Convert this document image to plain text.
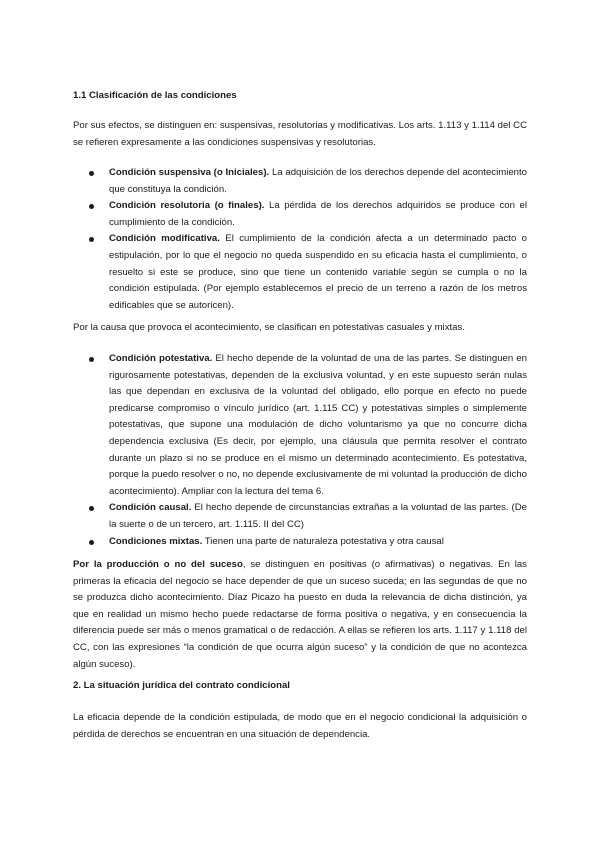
1.1 Clasificación de las condiciones

Por sus efectos, se distinguen en: suspensivas, resolutorias y modificativas. Los arts. 1.113 y 1.114 del CC se refieren expresamente a las condiciones suspensivas y resolutorias.

Condición suspensiva (o Iniciales). La adquisición de los derechos depende del acontecimiento que constituya la condición.
Condición resolutoria (o finales). La pérdida de los derechos adquiridos se produce con el cumplimiento de la condición.
Condición modificativa. El cumplimiento de la condición afecta a un determinado pacto o estipulación, por lo que el negocio no queda suspendido en su eficacia hasta el cumplimiento, o resuelto si este se produce, sino que tiene un contenido variable según se cumpla o no la condición estipulada. (Por ejemplo establecemos el precio de un terreno a razón de los metros edificables que se autoricen).

Por la causa que provoca el acontecimiento, se clasifican en potestativas casuales y mixtas.

Condición potestativa. El hecho depende de la voluntad de una de las partes. Se distinguen en rigurosamente potestativas, dependen de la exclusiva voluntad, y en este supuesto serán nulas las que dependan en exclusiva de la voluntad del obligado, ello porque en efecto no puede predicarse compromiso o vínculo jurídico (art. 1.115 CC) y potestativas simples o simplemente potestativas, que supone una modulación de dicho voluntarismo ya que no concurre dicha dependencia exclusiva (Es decir, por ejemplo, una cláusula que permita resolver el contrato durante un plazo si no se produce en el mismo un determinado acontecimiento. Es potestativa, porque la puedo resolver o no, no depende exclusivamente de mi voluntad la producción de dicho acontecimiento). Ampliar con la lectura del tema 6.
Condición causal. El hecho depende de circunstancias extrañas a la voluntad de las partes. (De la suerte o de un tercero, art. 1.115. II del CC)
Condiciones mixtas. Tienen una parte de naturaleza potestativa y otra causal

Por la producción o no del suceso, se distinguen en positivas (o afirmativas) o negativas. En las primeras la eficacia del negocio se hace depender de que un suceso suceda; en las segundas de que no se produzca dicho acontecimiento. Díaz Picazo ha puesto en duda la relevancia de dicha distinción, ya que en realidad un mismo hecho puede redactarse de forma positiva o negativa, y en consecuencia la diferencia puede ser más o menos gramatical o de redacción. A ellas se refieren los arts. 1.117 y 1.118 del CC, con las expresiones “la condición de que ocurra algún suceso” y la condición de que no acontezca algún suceso).

2. La situación jurídica del contrato condicional

La eficacia depende de la condición estipulada, de modo que en el negocio condicional la adquisición o pérdida de derechos se encuentran en una situación de dependencia.
